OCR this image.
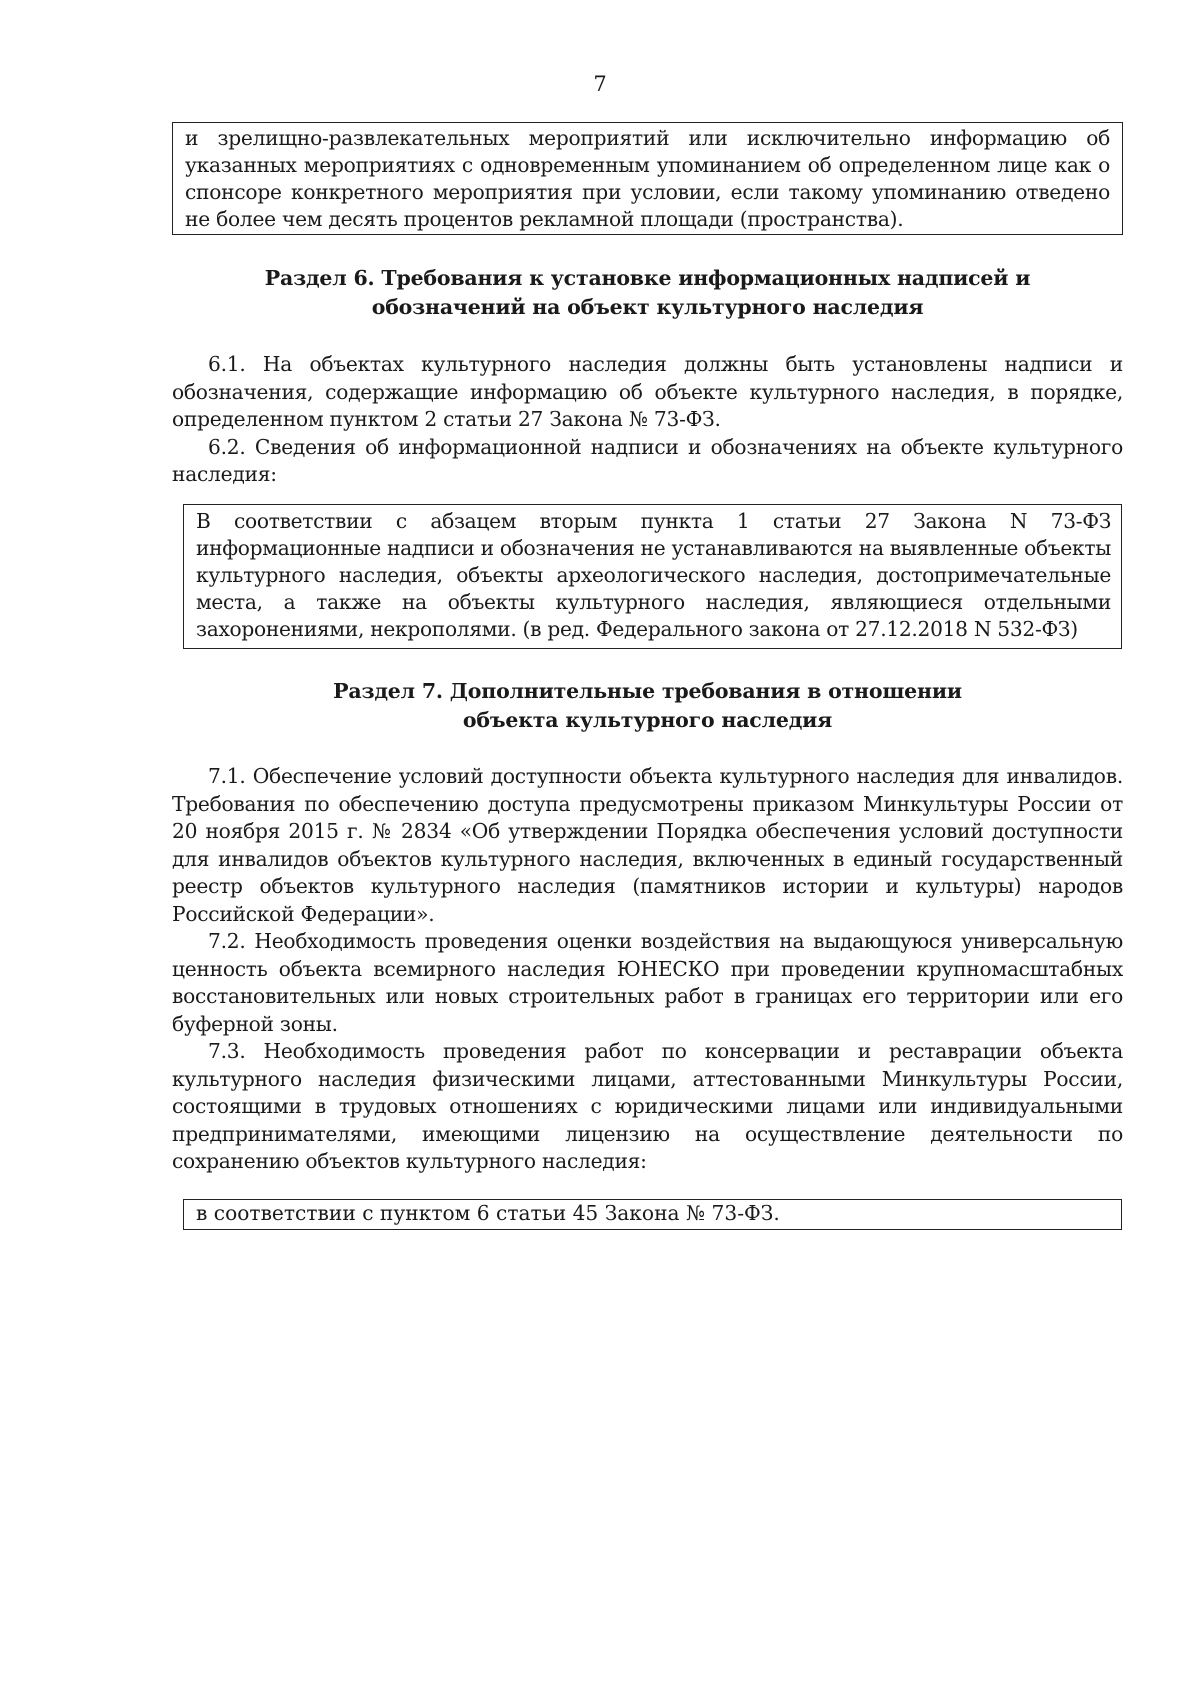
7

и зрелищно-развлекательных мероприятий или исключительно информацию об указанных мероприятиях с одновременным упоминанием об определенном лице как о спонсоре конкретного мероприятия при условии, если такому упоминанию отведено не более чем десять процентов рекламной площади (пространства).

Раздел 6. Требования к установке информационных надписей и
обозначений на объект культурного наследия

6.1. На объектах культурного наследия должны быть установлены надписи и обозначения, содержащие информацию об объекте культурного наследия, в порядке, определенном пунктом 2 статьи 27 Закона № 73-ФЗ.

6.2. Сведения об информационной надписи и обозначениях на объекте культурного наследия:

В соответствии с абзацем вторым пункта 1 статьи 27 Закона N 73-ФЗ информационные надписи и обозначения не устанавливаются на выявленные объекты культурного наследия, объекты археологического наследия, достопримечательные места, а также на объекты культурного наследия, являющиеся отдельными захоронениями, некрополями. (в ред. Федерального закона от 27.12.2018 N 532-ФЗ)

Раздел 7. Дополнительные требования в отношении
объекта культурного наследия

7.1. Обеспечение условий доступности объекта культурного наследия для инвалидов. Требования по обеспечению доступа предусмотрены приказом Минкультуры России от 20 ноября 2015 г. № 2834 «Об утверждении Порядка обеспечения условий доступности для инвалидов объектов культурного наследия, включенных в единый государственный реестр объектов культурного наследия (памятников истории и культуры) народов Российской Федерации».

7.2. Необходимость проведения оценки воздействия на выдающуюся универсальную ценность объекта всемирного наследия ЮНЕСКО при проведении крупномасштабных восстановительных или новых строительных работ в границах его территории или его буферной зоны.

7.3. Необходимость проведения работ по консервации и реставрации объекта культурного наследия физическими лицами, аттестованными Минкультуры России, состоящими в трудовых отношениях с юридическими лицами или индивидуальными предпринимателями, имеющими лицензию на осуществление деятельности по сохранению объектов культурного наследия:

в соответствии с пунктом 6 статьи 45 Закона № 73-ФЗ.
